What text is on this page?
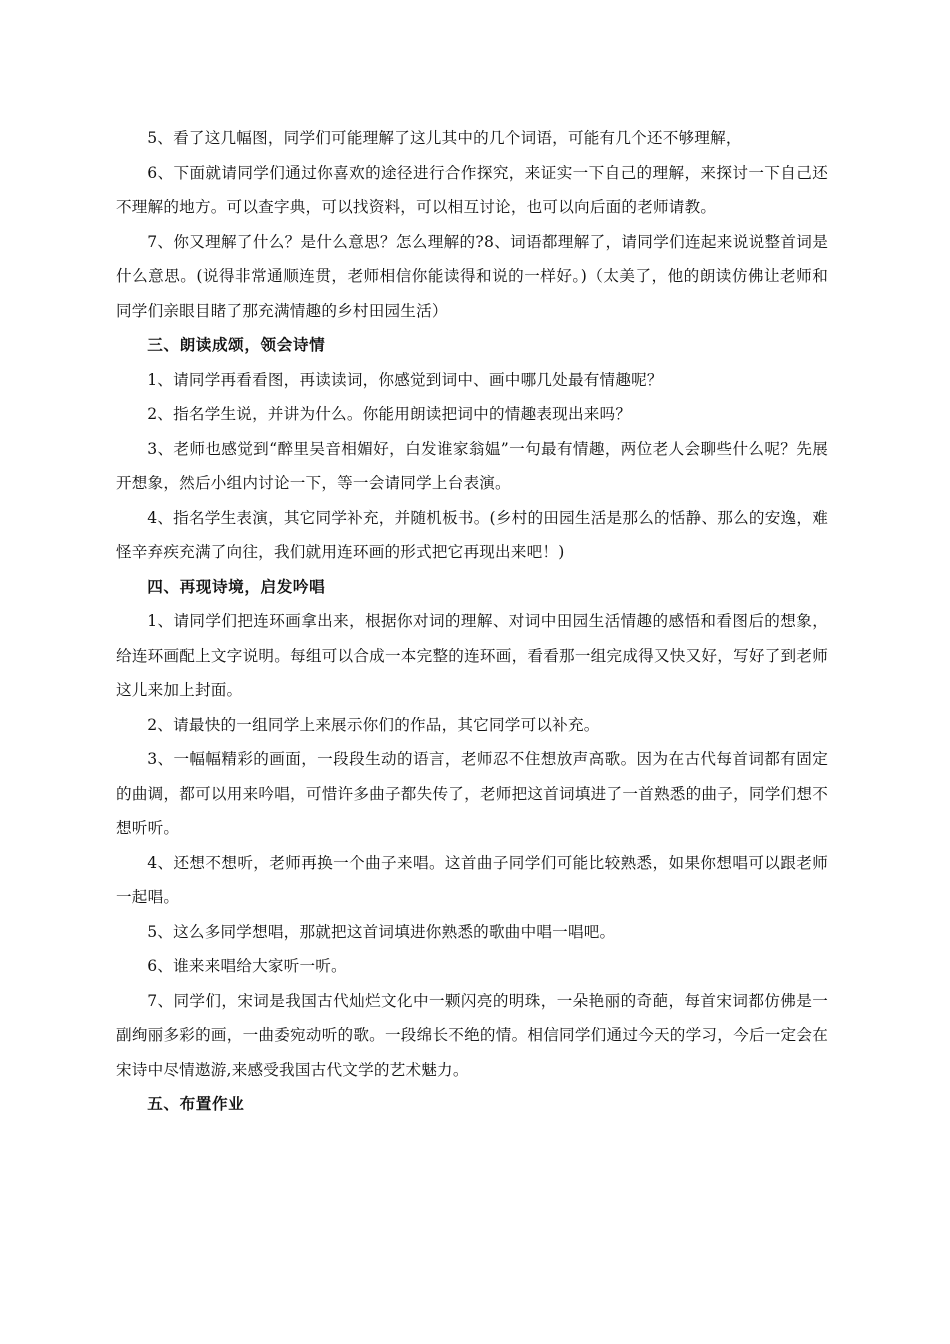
5、看了这几幅图，同学们可能理解了这儿其中的几个词语，可能有几个还不够理解，

6、下面就请同学们通过你喜欢的途径进行合作探究，来证实一下自己的理解，来探讨一下自己还不理解的地方。可以查字典，可以找资料，可以相互讨论，也可以向后面的老师请教。

7、你又理解了什么？是什么意思？怎么理解的?8、词语都理解了，请同学们连起来说说整首词是什么意思。(说得非常通顺连贯，老师相信你能读得和说的一样好。)（太美了，他的朗读仿佛让老师和同学们亲眼目睹了那充满情趣的乡村田园生活）

三、朗读成颂，领会诗情

1、请同学再看看图，再读读词，你感觉到词中、画中哪几处最有情趣呢？

2、指名学生说，并讲为什么。你能用朗读把词中的情趣表现出来吗？

3、老师也感觉到“醉里吴音相媚好，白发谁家翁媪”一句最有情趣，两位老人会聊些什么呢？先展开想象，然后小组内讨论一下，等一会请同学上台表演。

4、指名学生表演，其它同学补充，并随机板书。(乡村的田园生活是那么的恬静、那么的安逸，难怪辛弃疾充满了向往，我们就用连环画的形式把它再现出来吧！)

四、再现诗境，启发吟唱

1、请同学们把连环画拿出来，根据你对词的理解、对词中田园生活情趣的感悟和看图后的想象，给连环画配上文字说明。每组可以合成一本完整的连环画，看看那一组完成得又快又好，写好了到老师这儿来加上封面。

2、请最快的一组同学上来展示你们的作品，其它同学可以补充。

3、一幅幅精彩的画面，一段段生动的语言，老师忍不住想放声高歌。因为在古代每首词都有固定的曲调，都可以用来吟唱，可惜许多曲子都失传了，老师把这首词填进了一首熟悉的曲子，同学们想不想听听。

4、还想不想听，老师再换一个曲子来唱。这首曲子同学们可能比较熟悉，如果你想唱可以跟老师一起唱。

5、这么多同学想唱，那就把这首词填进你熟悉的歌曲中唱一唱吧。

6、谁来来唱给大家听一听。

7、同学们，宋词是我国古代灿烂文化中一颗闪亮的明珠，一朵艳丽的奇葩，每首宋词都仿佛是一副绚丽多彩的画，一曲委宛动听的歌。一段绵长不绝的情。相信同学们通过今天的学习，今后一定会在宋诗中尽情遨游,来感受我国古代文学的艺术魅力。

五、布置作业
